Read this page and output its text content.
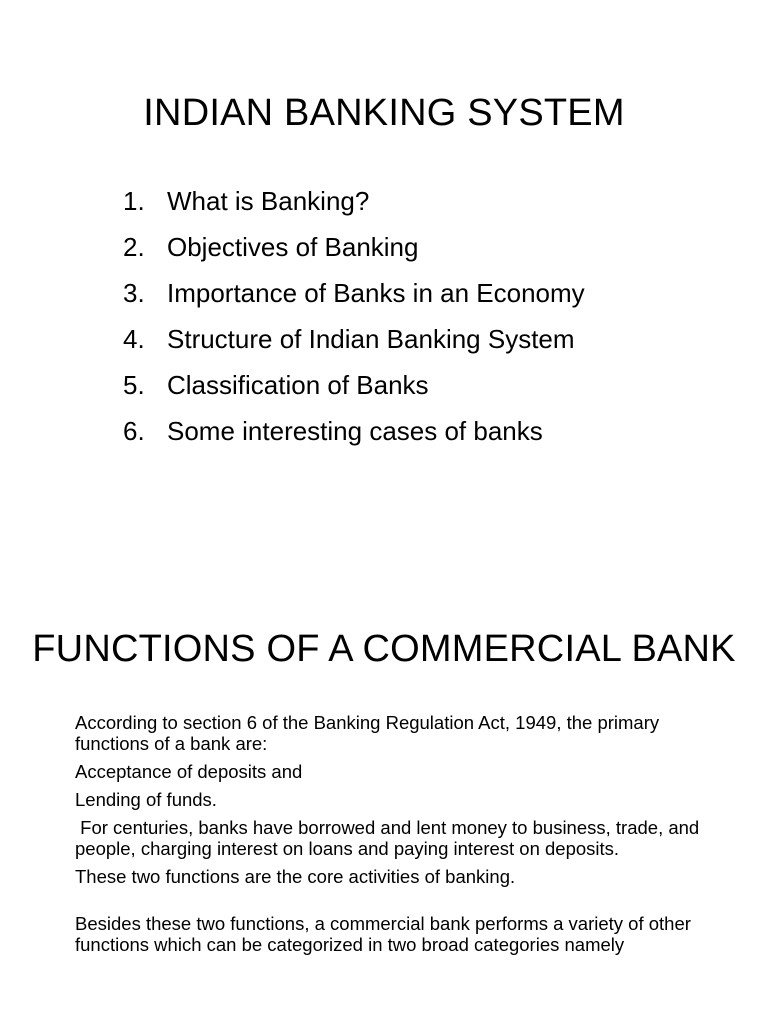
INDIAN BANKING SYSTEM
1. What is Banking?
2. Objectives of Banking
3. Importance of Banks in an Economy
4. Structure of Indian Banking System
5. Classification of Banks
6. Some interesting cases of banks
FUNCTIONS OF A COMMERCIAL BANK

According to section 6 of the Banking Regulation Act, 1949, the primary functions of a bank are:

Acceptance of deposits and

Lending of funds.

For centuries, banks have borrowed and lent money to business, trade, and people, charging interest on loans and paying interest on deposits.

These two functions are the core activities of banking.

Besides these two functions, a commercial bank performs a variety of other functions which can be categorized in two broad categories namely
